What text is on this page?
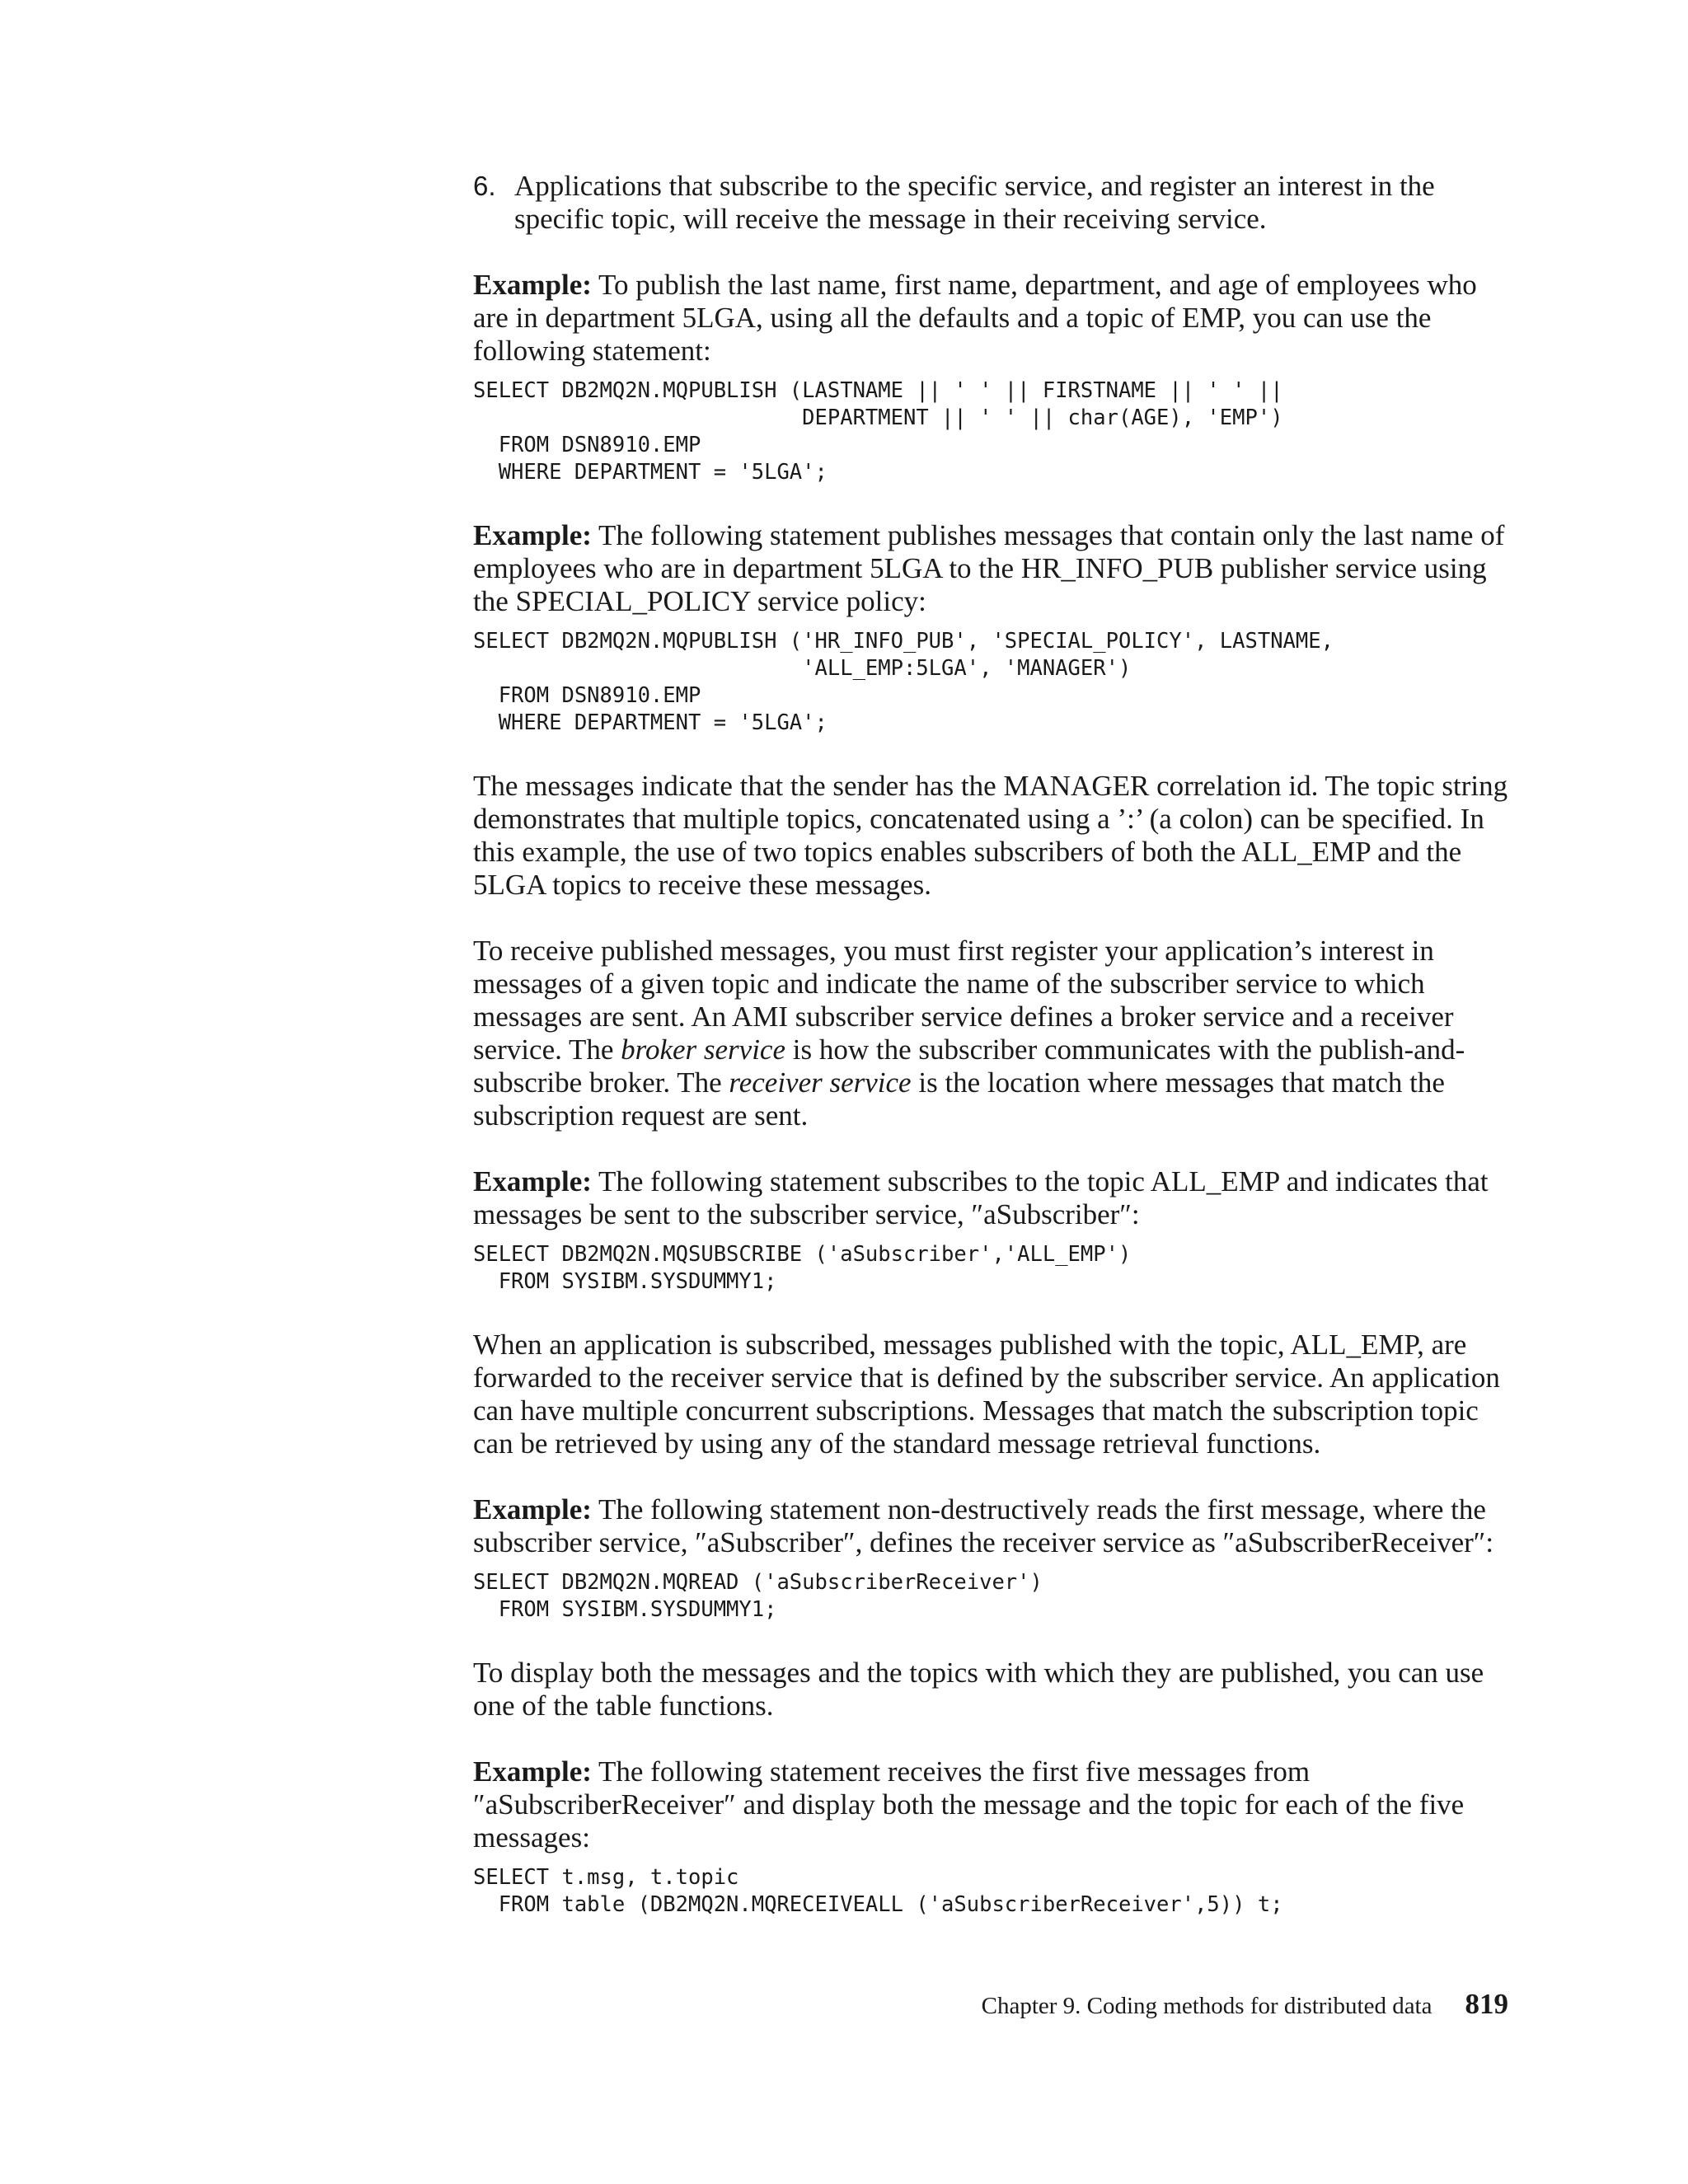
6. Applications that subscribe to the specific service, and register an interest in the specific topic, will receive the message in their receiving service.

Example: To publish the last name, first name, department, and age of employees who are in department 5LGA, using all the defaults and a topic of EMP, you can use the following statement:

SELECT DB2MQ2N.MQPUBLISH (LASTNAME || ' ' || FIRSTNAME || ' ' ||
DEPARTMENT || ' ' || char(AGE), 'EMP')
FROM DSN8910.EMP
WHERE DEPARTMENT = '5LGA';

Example: The following statement publishes messages that contain only the last name of employees who are in department 5LGA to the HR_INFO_PUB publisher service using the SPECIAL_POLICY service policy:

SELECT DB2MQ2N.MQPUBLISH ('HR_INFO_PUB', 'SPECIAL_POLICY', LASTNAME,
'ALL_EMP:5LGA', 'MANAGER')
FROM DSN8910.EMP
WHERE DEPARTMENT = '5LGA';

The messages indicate that the sender has the MANAGER correlation id. The topic string demonstrates that multiple topics, concatenated using a ’:’ (a colon) can be specified. In this example, the use of two topics enables subscribers of both the ALL_EMP and the 5LGA topics to receive these messages.

To receive published messages, you must first register your application’s interest in messages of a given topic and indicate the name of the subscriber service to which messages are sent. An AMI subscriber service defines a broker service and a receiver service. The broker service is how the subscriber communicates with the publish-and-subscribe broker. The receiver service is the location where messages that match the subscription request are sent.

Example: The following statement subscribes to the topic ALL_EMP and indicates that messages be sent to the subscriber service, ″aSubscriber″:

SELECT DB2MQ2N.MQSUBSCRIBE ('aSubscriber','ALL_EMP')
FROM SYSIBM.SYSDUMMY1;

When an application is subscribed, messages published with the topic, ALL_EMP, are forwarded to the receiver service that is defined by the subscriber service. An application can have multiple concurrent subscriptions. Messages that match the subscription topic can be retrieved by using any of the standard message retrieval functions.

Example: The following statement non-destructively reads the first message, where the subscriber service, ″aSubscriber″, defines the receiver service as ″aSubscriberReceiver″:

SELECT DB2MQ2N.MQREAD ('aSubscriberReceiver')
FROM SYSIBM.SYSDUMMY1;

To display both the messages and the topics with which they are published, you can use one of the table functions.

Example: The following statement receives the first five messages from ″aSubscriberReceiver″ and display both the message and the topic for each of the five messages:

SELECT t.msg, t.topic
FROM table (DB2MQ2N.MQRECEIVEALL ('aSubscriberReceiver',5)) t;
Chapter 9. Coding methods for distributed data 819
